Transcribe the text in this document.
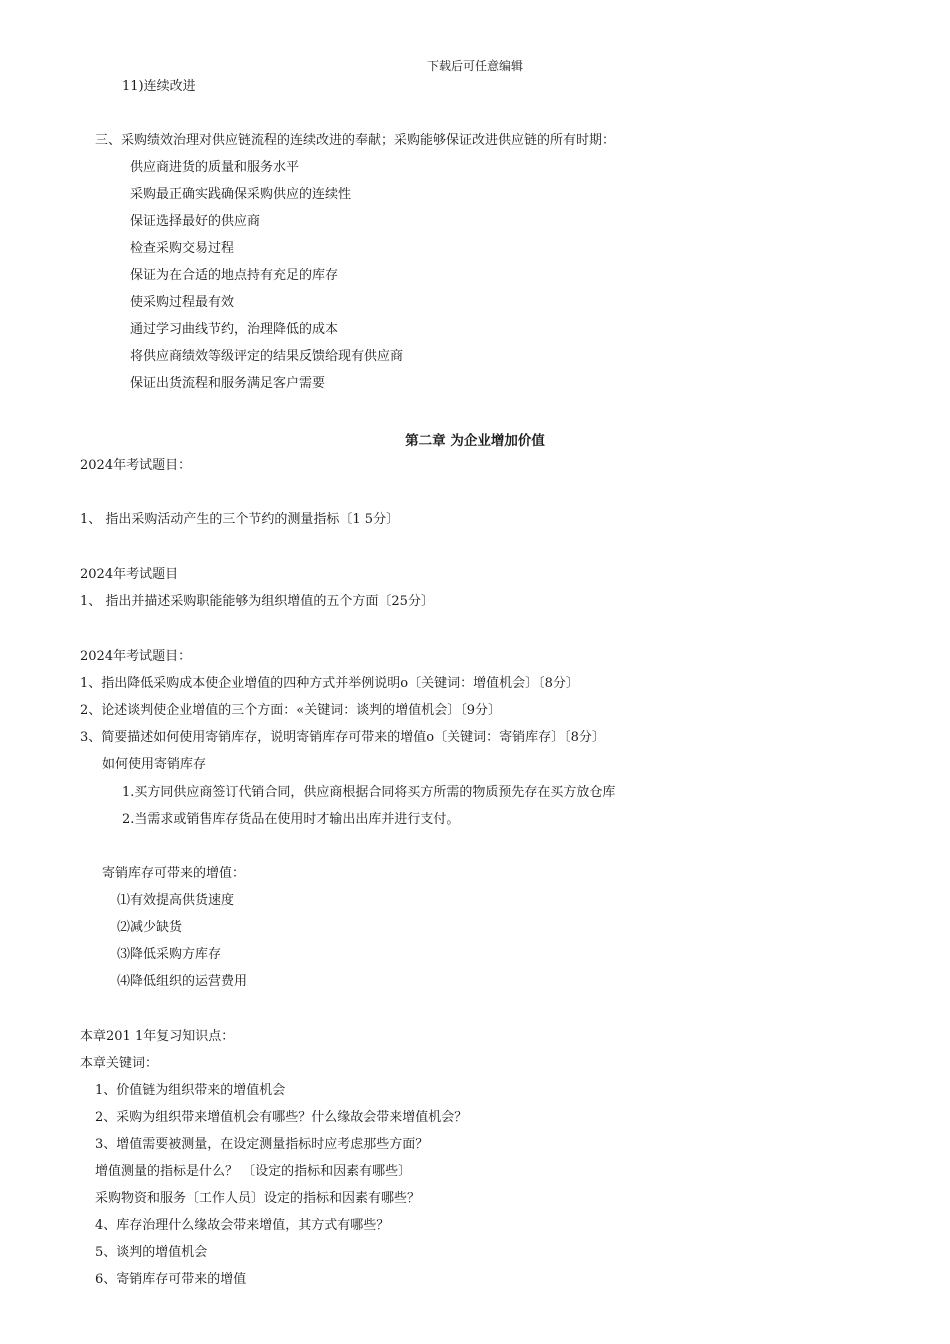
下载后可任意编辑
第二章 为企业增加价值
11)连续改进
三、采购绩效治理对供应链流程的连续改进的奉献；采购能够保证改进供应链的所有时期：
供应商进货的质量和服务水平
采购最正确实践确保采购供应的连续性
保证选择最好的供应商
检查采购交易过程
保证为在合适的地点持有充足的库存
使采购过程最有效
通过学习曲线节约，治理降低的成本
将供应商绩效等级评定的结果反馈给现有供应商
保证出货流程和服务满足客户需要
2024年考试题目：
1、 指出采购活动产生的三个节约的测量指标〔1 5分〕
2024年考试题目
1、 指出并描述采购职能能够为组织增值的五个方面〔25分〕
2024年考试题目：
1、指出降低采购成本使企业增值的四种方式并举例说明o〔关键词：增值机会〕〔8分〕
2、论述谈判使企业增值的三个方面：«关键词：谈判的增值机会〕〔9分〕
3、简要描述如何使用寄销库存，说明寄销库存可带来的增值o〔关键词：寄销库存〕〔8分〕
如何使用寄销库存
1.买方同供应商签订代销合同，供应商根据合同将买方所需的物质预先存在买方放仓库
2.当需求或销售库存货品在使用时才输出出库并进行支付。
寄销库存可带来的增值：
⑴有效提高供货速度
⑵减少缺货
⑶降低采购方库存
⑷降低组织的运营费用
本章201 1年复习知识点：
本章关键词：
1、价值链为组织带来的增值机会
2、采购为组织带来增值机会有哪些？什么缘故会带来增值机会？
3、增值需要被测量，在设定测量指标时应考虑那些方面？
增值测量的指标是什么？ 〔设定的指标和因素有哪些〕
采购物资和服务〔工作人员〕设定的指标和因素有哪些？
4、库存治理什么缘故会带来增值，其方式有哪些？
5、谈判的增值机会
6、寄销库存可带来的增值
